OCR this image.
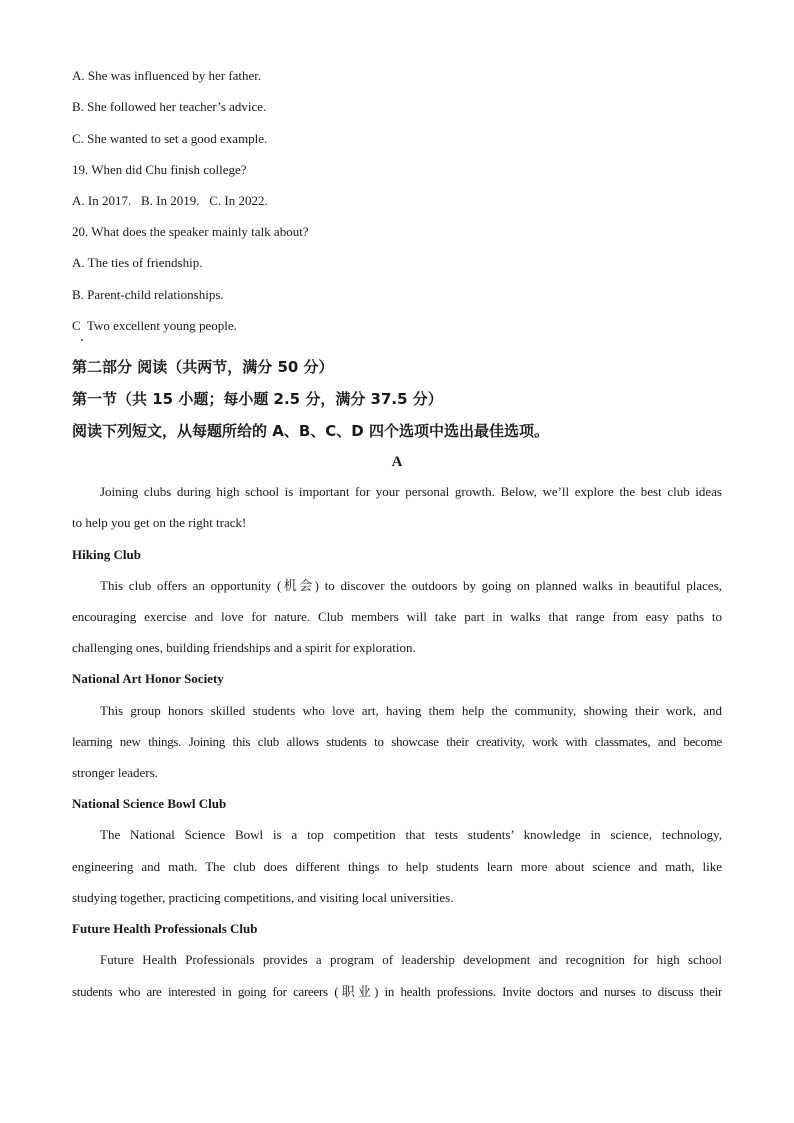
A. She was influenced by her father.
B. She followed her teacher’s advice.
C. She wanted to set a good example.
19. When did Chu finish college?
A. In 2017.   B. In 2019.   C. In 2022.
20. What does the speaker mainly talk about?
A. The ties of friendship.
B. Parent-child relationships.
C  Two excellent young people.
第二部分 阅读（共两节，满分 50 分）
第一节（共 15 小题；每小题 2.5 分，满分 37.5 分）
阅读下列短文，从每题所给的 A、B、C、D 四个选项中选出最佳选项。
A
Joining clubs during high school is important for your personal growth. Below, we’ll explore the best club ideas
to help you get on the right track!
Hiking Club
This club offers an opportunity (机会) to discover the outdoors by going on planned walks in beautiful places,
encouraging exercise and love for nature. Club members will take part in walks that range from easy paths to
challenging ones, building friendships and a spirit for exploration.
National Art Honor Society
This group honors skilled students who love art, having them help the community, showing their work, and
learning new things. Joining this club allows students to showcase their creativity, work with classmates, and become
stronger leaders.
National Science Bowl Club
The National Science Bowl is a top competition that tests students’ knowledge in science, technology,
engineering and math. The club does different things to help students learn more about science and math, like
studying together, practicing competitions, and visiting local universities.
Future Health Professionals Club
Future Health Professionals provides a program of leadership development and recognition for high school
students who are interested in going for careers (职业) in health professions. Invite doctors and nurses to discuss their
